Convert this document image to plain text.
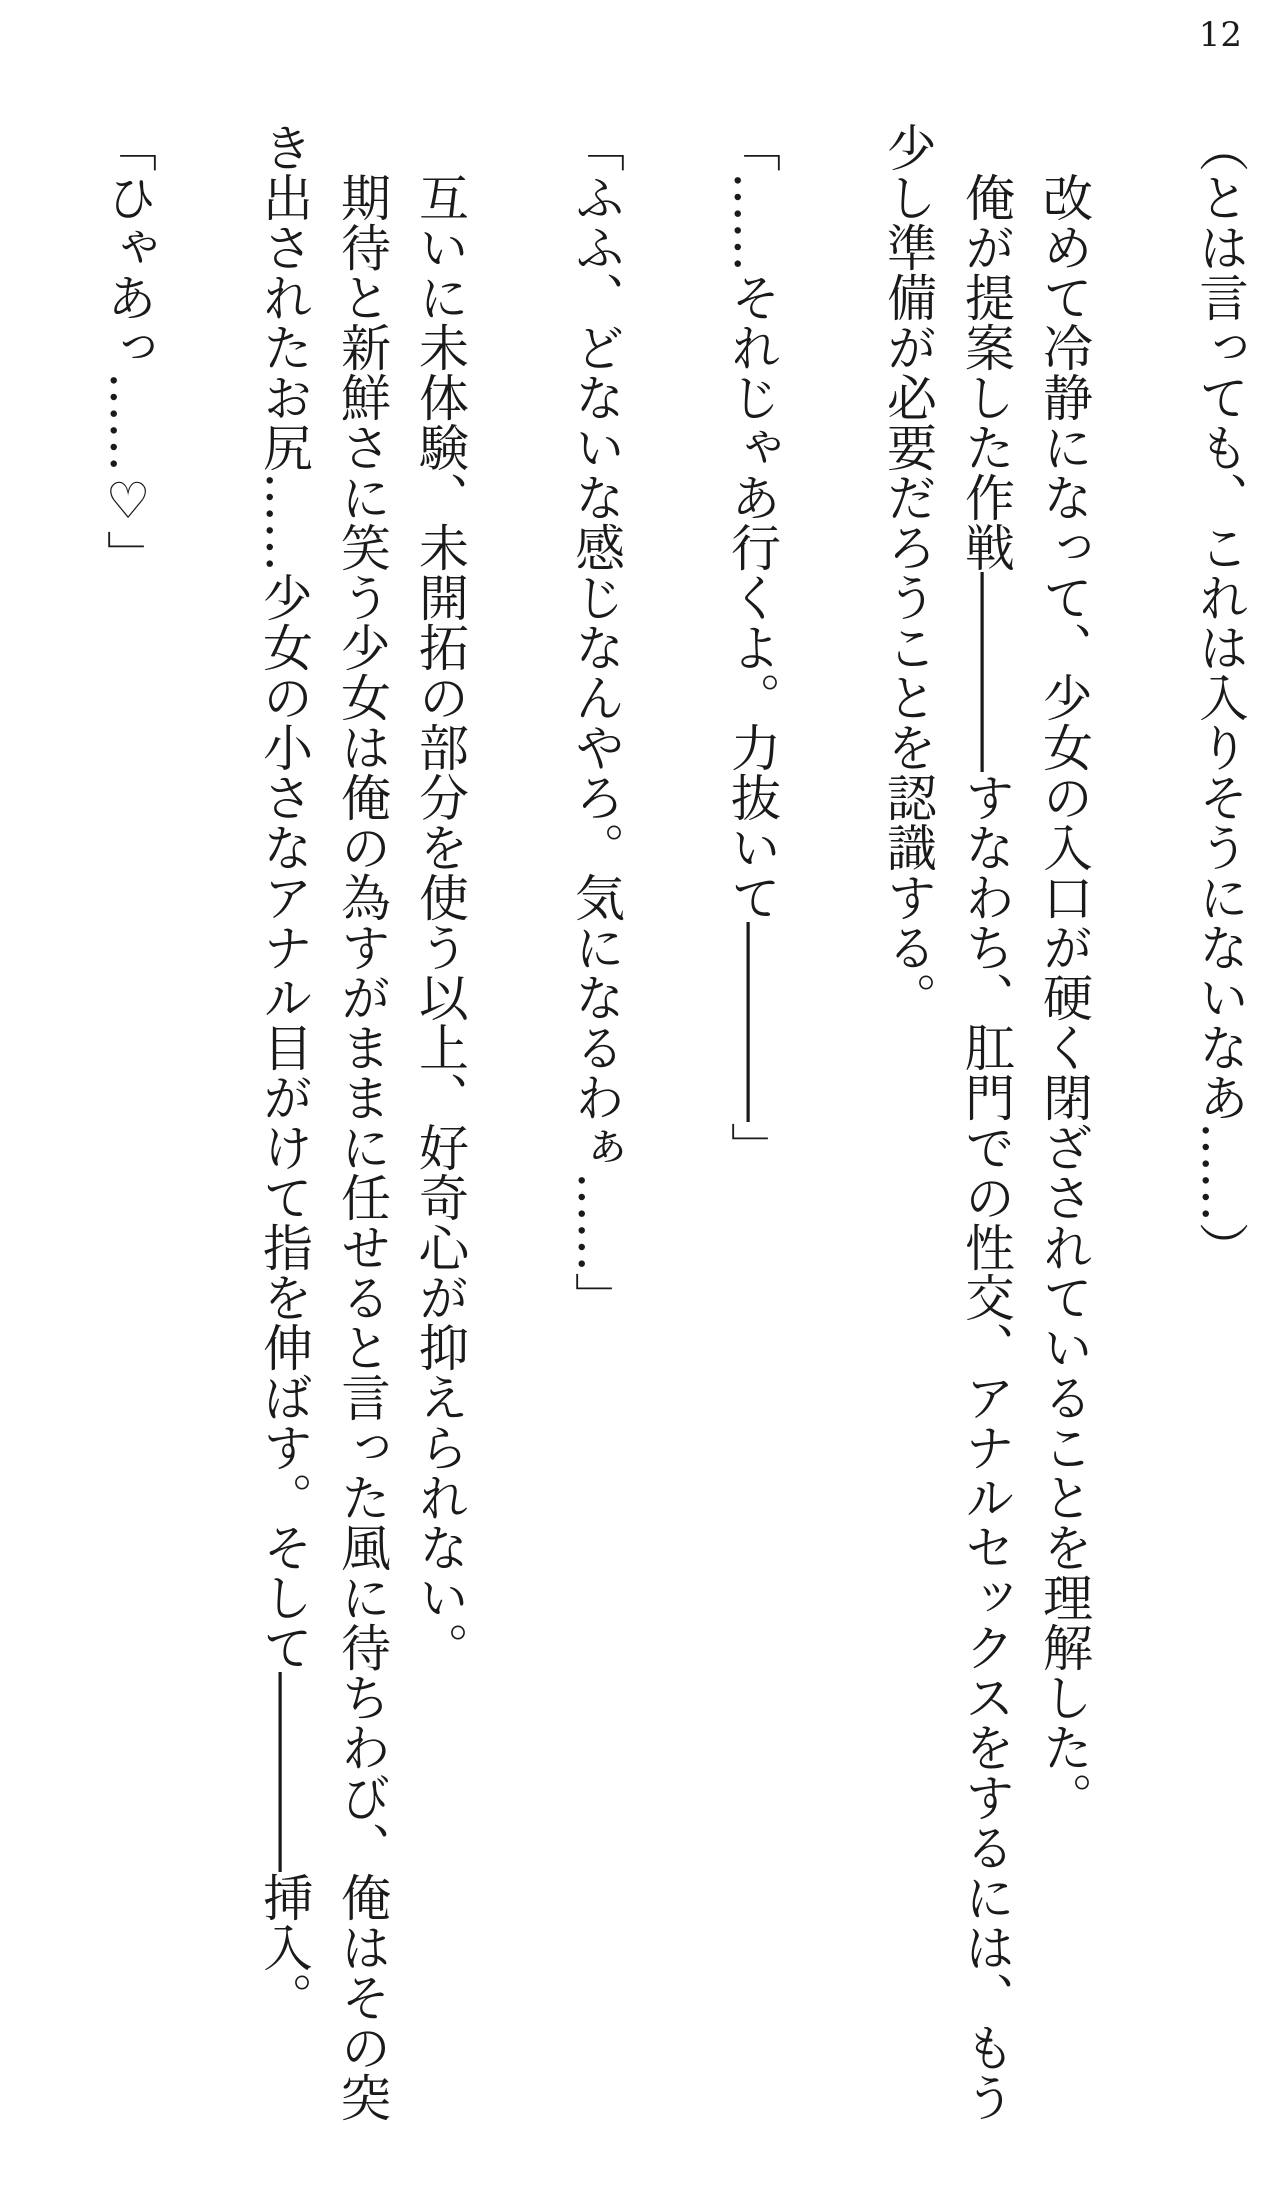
12

（とは言っても、これは入りそうにないなあ……）

　改めて冷静になって、少女の入口が硬く閉ざされていることを理解した。

　俺が提案した作戦――――すなわち、肛門での性交、アナルセックスをするには、もう

少し準備が必要だろうことを認識する。

「……それじゃあ行くよ。力抜いて――――」

「ふふ、どないな感じなんやろ。気になるわぁ……」

　互いに未体験、未開拓の部分を使う以上、好奇心が抑えられない。

　期待と新鮮さに笑う少女は俺の為すがままに任せると言った風に待ちわび、俺はその突

き出されたお尻……少女の小さなアナル目がけて指を伸ばす。そして――――挿入。

「ひゃあっ……♡」
